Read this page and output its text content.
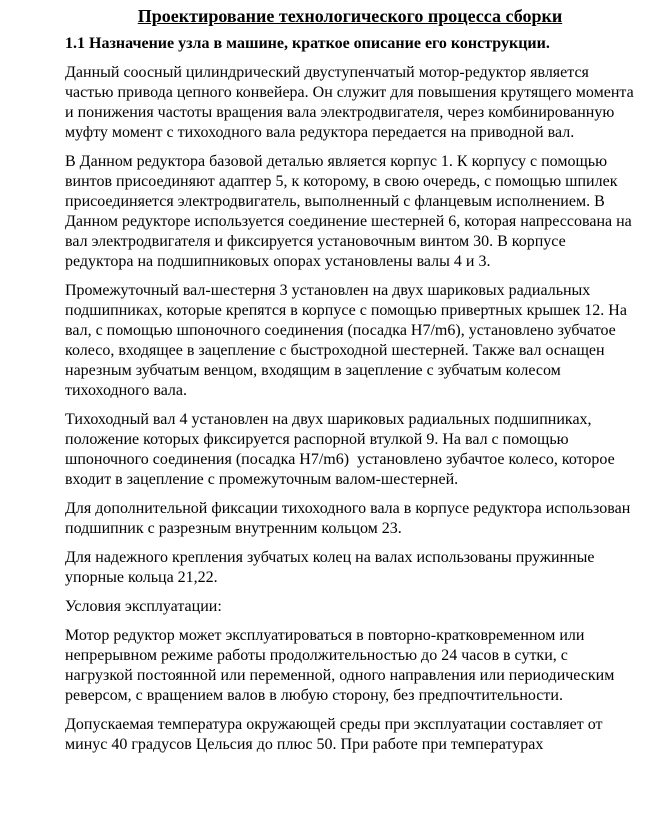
Проектирование технологического процесса сборки
1.1 Назначение узла в машине, краткое описание его конструкции.

Данный соосный цилиндрический двуступенчатый мотор-редуктор является частью привода цепного конвейера. Он служит для повышения крутящего момента и понижения частоты вращения вала электродвигателя, через комбинированную муфту момент с тихоходного вала редуктора передается на приводной вал.

В Данном редуктора базовой деталью является корпус 1. К корпусу с помощью винтов присоединяют адаптер 5, к которому, в свою очередь, с помощью шпилек присоединяется электродвигатель, выполненный с фланцевым исполнением. В Данном редукторе используется соединение шестерней 6, которая напрессована на вал электродвигателя и фиксируется установочным винтом 30. В корпусе редуктора на подшипниковых опорах установлены валы 4 и 3.

Промежуточный вал-шестерня 3 установлен на двух шариковых радиальных подшипниках, которые крепятся в корпусе с помощью привертных крышек 12. На вал, с помощью шпоночного соединения (посадка H7/m6), установлено зубчатое колесо, входящее в зацепление с быстроходной шестерней. Также вал оснащен нарезным зубчатым венцом, входящим в зацепление с зубчатым колесом тихоходного вала.

Тихоходный вал 4 установлен на двух шариковых радиальных подшипниках, положение которых фиксируется распорной втулкой 9. На вал с помощью шпоночного соединения (посадка H7/m6)  установлено зубачтое колесо, которое входит в зацепление с промежуточным валом-шестерней.

Для дополнительной фиксации тихоходного вала в корпусе редуктора использован подшипник с разрезным внутренним кольцом 23.

Для надежного крепления зубчатых колец на валах использованы пружинные упорные кольца 21,22.

Условия эксплуатации:

Мотор редуктор может эксплуатироваться в повторно-кратковременном или непрерывном режиме работы продолжительностью до 24 часов в сутки, с нагрузкой постоянной или переменной, одного направления или периодическим реверсом, с вращением валов в любую сторону, без предпочтительности.

Допускаемая температура окружающей среды при эксплуатации составляет от минус 40 градусов Цельсия до плюс 50. При работе при температурах
